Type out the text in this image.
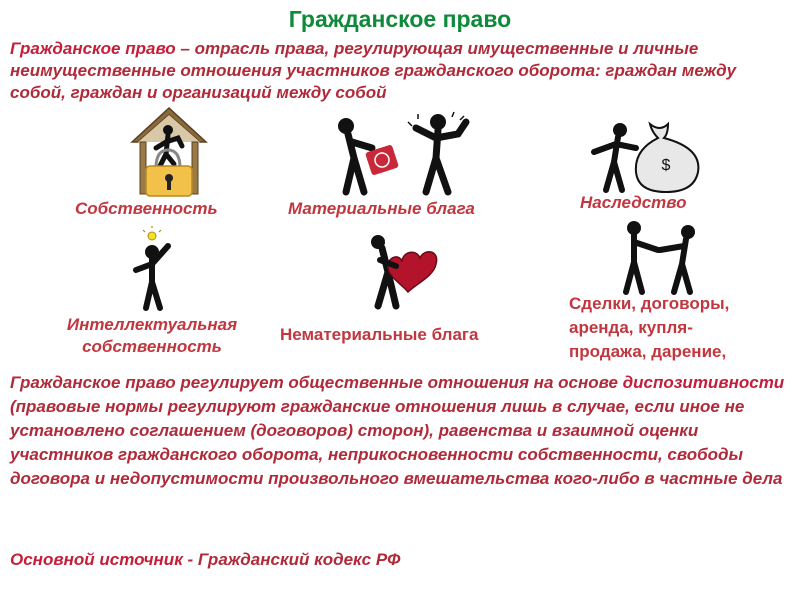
Гражданское право
Гражданское право – отрасль права, регулирующая имущественные и личные неимущественные отношения участников гражданского оборота: граждан между собой, граждан и организаций между собой
$
Собственность	Материальные блага	Наследство
Интеллектуальная
собственность
Нематериальные блага
Сделки, договоры,
аренда, купля-
продажа, дарение,
Гражданское право регулирует общественные отношения на основе диспозитивности (правовые нормы регулируют гражданские отношения лишь в случае, если иное не установлено соглашением (договоров) сторон), равенства и взаимной оценки участников гражданского оборота, неприкосновенности собственности, свободы договора и недопустимости произвольного вмешательства кого-либо в частные дела
Основной источник - Гражданский кодекс РФ
